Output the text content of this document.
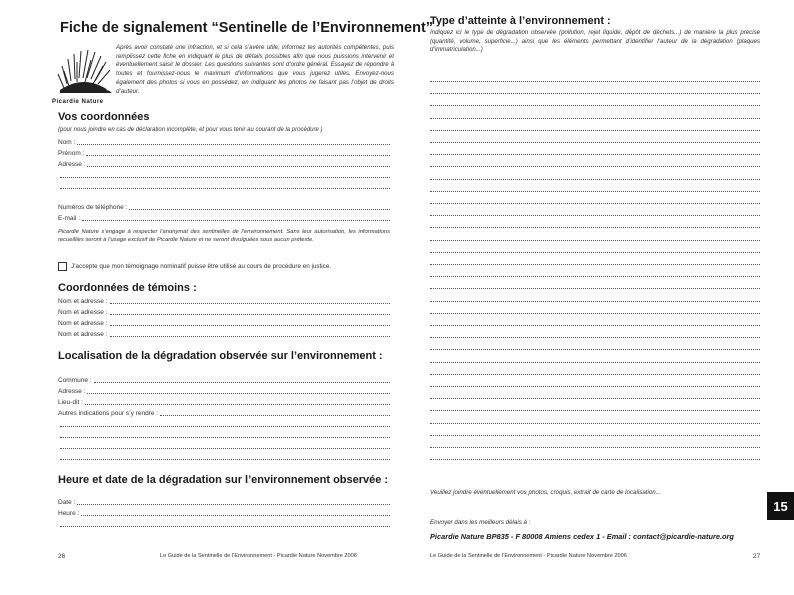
Fiche de signalement “Sentinelle de l’Environnement”
Picardie Nature
Après avoir constaté une infraction, et si cela s’avère utile, informez les autorités compétentes, puis remplissez cette fiche en indiquant le plus de détails possibles afin que nous puissions intervenir et éventuellement saisir le dossier. Les questions suivantes sont d’ordre général. Essayez de répondre à toutes et fournissez-nous le maximum d’informations que vous jugerez utiles. Envoyez-nous également des photos si vous en possédez, en indiquant les photos ne faisant pas l’objet de droits d’auteur.
Vos coordonnées
(pour nous joindre en cas de déclaration incomplète, et pour vous tenir au courant de la procédure )
Nom :
Prénom :
Adresse :
Numéros de téléphone :
E-mail :
Picardie Nature s’engage à respecter l’anonymat des sentinelles de l’environnement. Sans leur autorisation, les informations recueillies seront à l’usage exclusif de Picardie Nature et ne seront divulguées sous aucun prétexte.
J’accepte que mon témoignage nominatif puisse être utilisé au cours de procédure en justice.
Coordonnées de témoins :
Nom et adresse :
Nom et adresse :
Nom et adresse :
Nom et adresse :
Localisation de la dégradation observée sur l’environnement :
Commune :
Adresse :
Lieu-dit :
Autres indications pour s’y rendre :
Heure et date de la dégradation sur l’environnement observée :
Date :
Heure :
26	Le Guide de la Sentinelle de l’Environnement - Picardie Nature Novembre 2006
Type d’atteinte à l’environnement :
Indiquez ici le type de dégradation observée (pollution, rejet liquide, dépôt de déchets...) de manière la plus précise (quantité, volume, superficie...) ainsi que les éléments permettant d’identifier l’auteur de la dégradation (plaques d’immatriculation...)
Veuillez joindre éventuellement vos photos, croquis, extrait de carte de localisation...
Envoyer dans les meilleurs délais à :
Picardie Nature BP835 - F 80008 Amiens cedex 1 - Email : contact@picardie-nature.org
Le Guide de la Sentinelle de l’Environnement - Picardie Nature Novembre 2006	27
15
